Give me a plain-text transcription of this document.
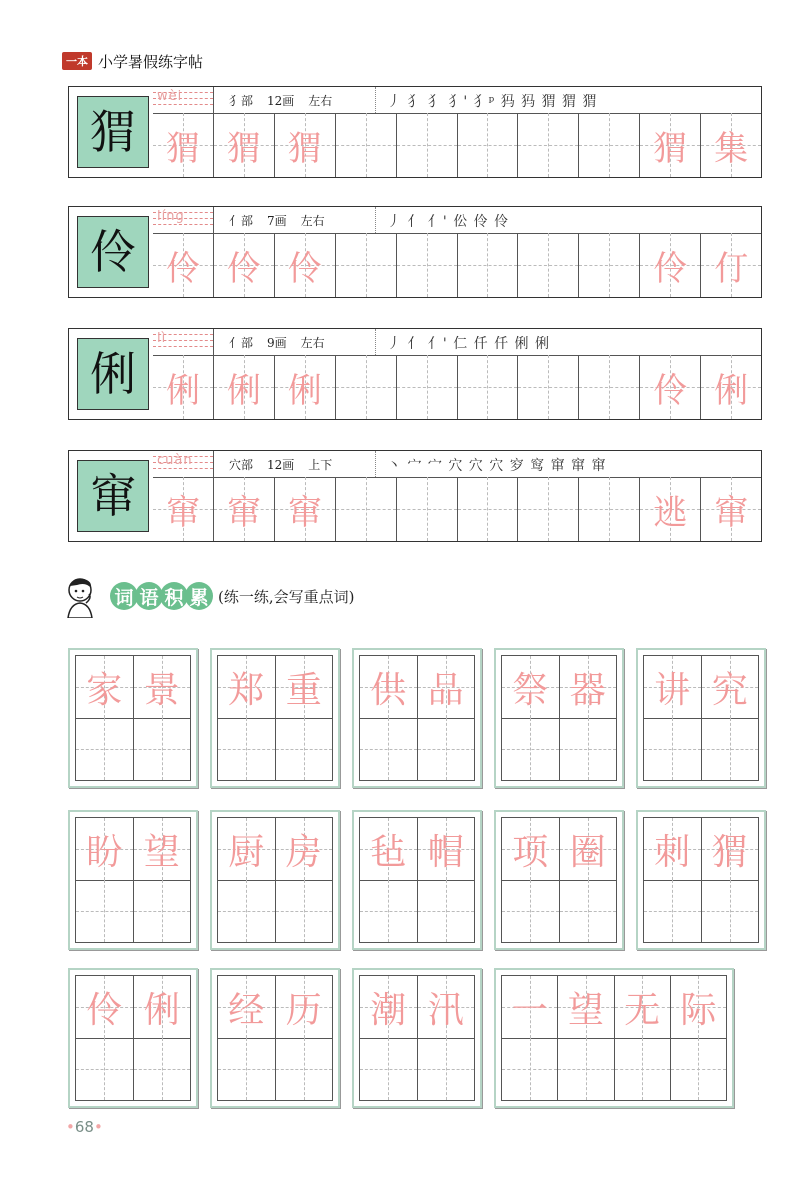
一本 小学暑假练字帖
猬
wèi	犭部 12画 左右	丿 犭 犭 犭' 犭ᵖ 犸 犸 猬 猬 猬
猬 猬 猬	猬 集
伶
líng	亻部 7画 左右	丿 亻 亻' 伀 伶 伶
伶 伶 伶	伶 仃
俐
lì	亻部 9画 左右	丿 亻 亻' 仁 仟 仟 俐 俐
俐 俐 俐	伶 俐
窜
cuàn	穴部 12画 上下	丶 宀 宀 穴 穴 穴 穸 窎 窜 窜 窜
窜 窜 窜	逃 窜
词 语 积 累 (练一练,会写重点词)
家 景 郑 重 供 品 祭 器 讲 究
盼 望 厨 房 毡 帽 项 圈 刺 猬
伶 俐 经 历 潮 汛 一 望 无 际
•68•
